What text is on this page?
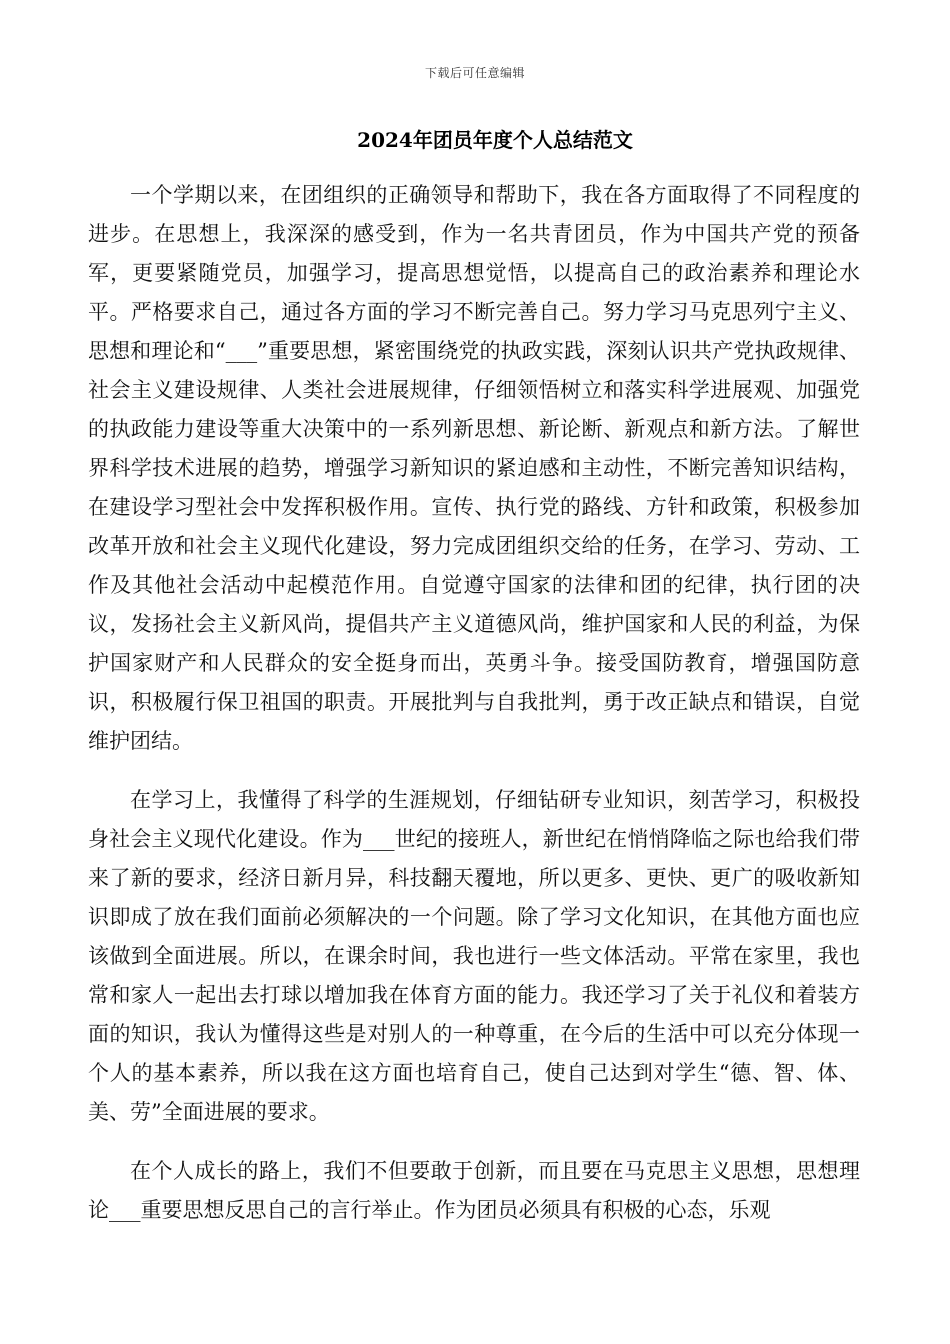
下载后可任意编辑
2024年团员年度个人总结范文

一个学期以来，在团组织的正确领导和帮助下，我在各方面取得了不同程度的进步。在思想上，我深深的感受到，作为一名共青团员，作为中国共产党的预备军，更要紧随党员，加强学习，提高思想觉悟，以提高自己的政治素养和理论水平。严格要求自己，通过各方面的学习不断完善自己。努力学习马克思列宁主义、思想和理论和“___”重要思想，紧密围绕党的执政实践，深刻认识共产党执政规律、社会主义建设规律、人类社会进展规律，仔细领悟树立和落实科学进展观、加强党的执政能力建设等重大决策中的一系列新思想、新论断、新观点和新方法。了解世界科学技术进展的趋势，增强学习新知识的紧迫感和主动性，不断完善知识结构，在建设学习型社会中发挥积极作用。宣传、执行党的路线、方针和政策，积极参加改革开放和社会主义现代化建设，努力完成团组织交给的任务，在学习、劳动、工作及其他社会活动中起模范作用。自觉遵守国家的法律和团的纪律，执行团的决议，发扬社会主义新风尚，提倡共产主义道德风尚，维护国家和人民的利益，为保护国家财产和人民群众的安全挺身而出，英勇斗争。接受国防教育，增强国防意识，积极履行保卫祖国的职责。开展批判与自我批判，勇于改正缺点和错误，自觉维护团结。

在学习上，我懂得了科学的生涯规划，仔细钻研专业知识，刻苦学习，积极投身社会主义现代化建设。作为___世纪的接班人，新世纪在悄悄降临之际也给我们带来了新的要求，经济日新月异，科技翻天覆地，所以更多、更快、更广的吸收新知识即成了放在我们面前必须解决的一个问题。除了学习文化知识，在其他方面也应该做到全面进展。所以，在课余时间，我也进行一些文体活动。平常在家里，我也常和家人一起出去打球以增加我在体育方面的能力。我还学习了关于礼仪和着装方面的知识，我认为懂得这些是对别人的一种尊重，在今后的生活中可以充分体现一个人的基本素养，所以我在这方面也培育自己，使自己达到对学生“德、智、体、美、劳”全面进展的要求。

在个人成长的路上，我们不但要敢于创新，而且要在马克思主义思想，思想理论___重要思想反思自己的言行举止。作为团员必须具有积极的心态，乐观
